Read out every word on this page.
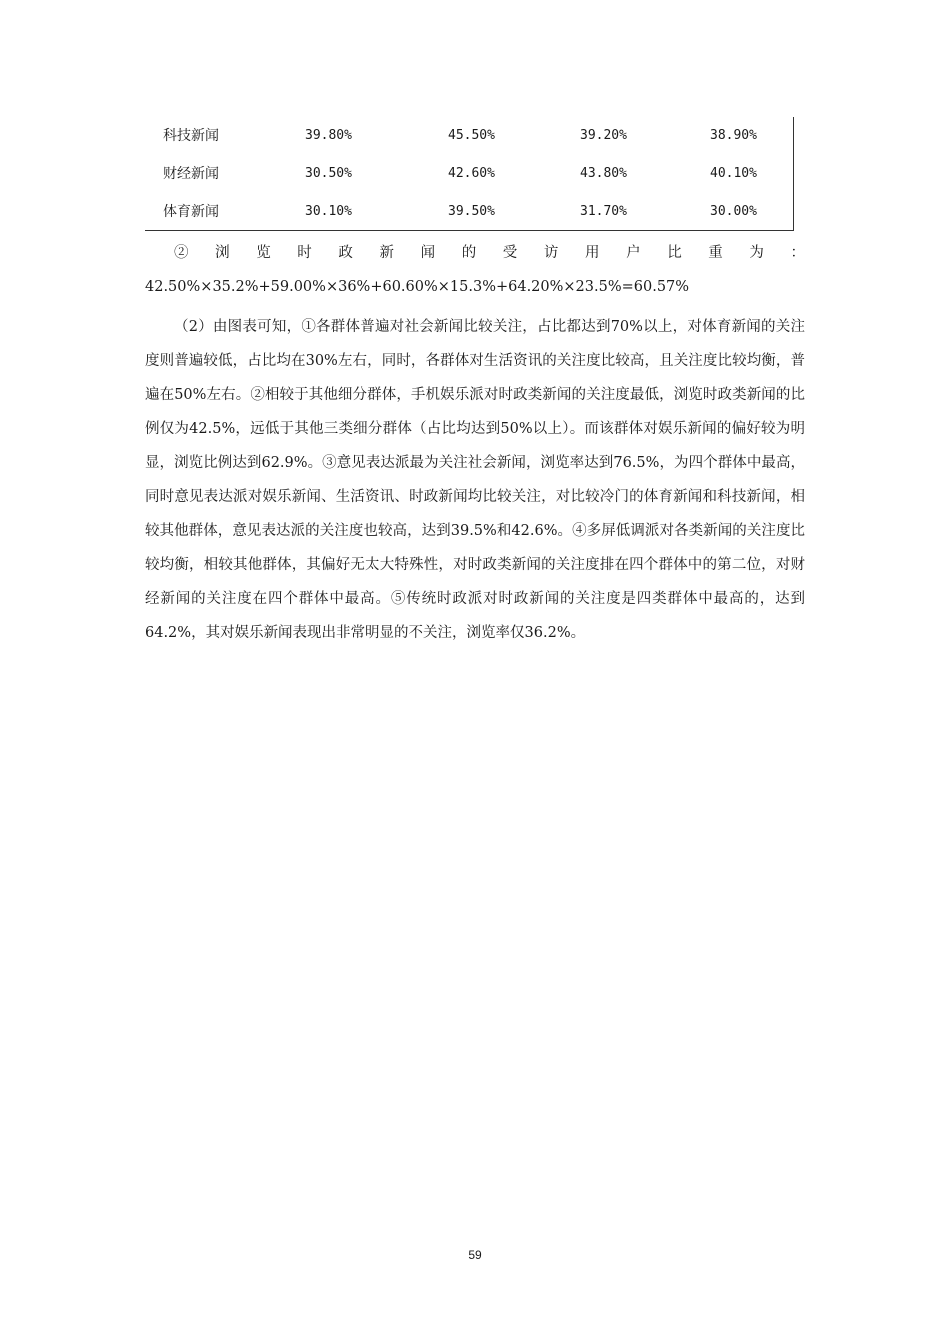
科技新闻	39.80%	45.50%	39.20%	38.90%
财经新闻	30.50%	42.60%	43.80%	40.10%
体育新闻	30.10%	39.50%	31.70%	30.00%

②浏览时政新闻的受访用户比重为：42.50%×35.2%+59.00%×36%+60.60%×15.3%+64.20%×23.5%=60.57%

（2）由图表可知，①各群体普遍对社会新闻比较关注，占比都达到70%以上，对体育新闻的关注度则普遍较低，占比均在30%左右，同时，各群体对生活资讯的关注度比较高，且关注度比较均衡，普遍在50%左右。②相较于其他细分群体，手机娱乐派对时政类新闻的关注度最低，浏览时政类新闻的比例仅为42.5%，远低于其他三类细分群体（占比均达到50%以上）。而该群体对娱乐新闻的偏好较为明显，浏览比例达到62.9%。③意见表达派最为关注社会新闻，浏览率达到76.5%，为四个群体中最高，同时意见表达派对娱乐新闻、生活资讯、时政新闻均比较关注，对比较冷门的体育新闻和科技新闻，相较其他群体，意见表达派的关注度也较高，达到39.5%和42.6%。④多屏低调派对各类新闻的关注度比较均衡，相较其他群体，其偏好无太大特殊性，对时政类新闻的关注度排在四个群体中的第二位，对财经新闻的关注度在四个群体中最高。⑤传统时政派对时政新闻的关注度是四类群体中最高的，达到64.2%，其对娱乐新闻表现出非常明显的不关注，浏览率仅36.2%。

59
